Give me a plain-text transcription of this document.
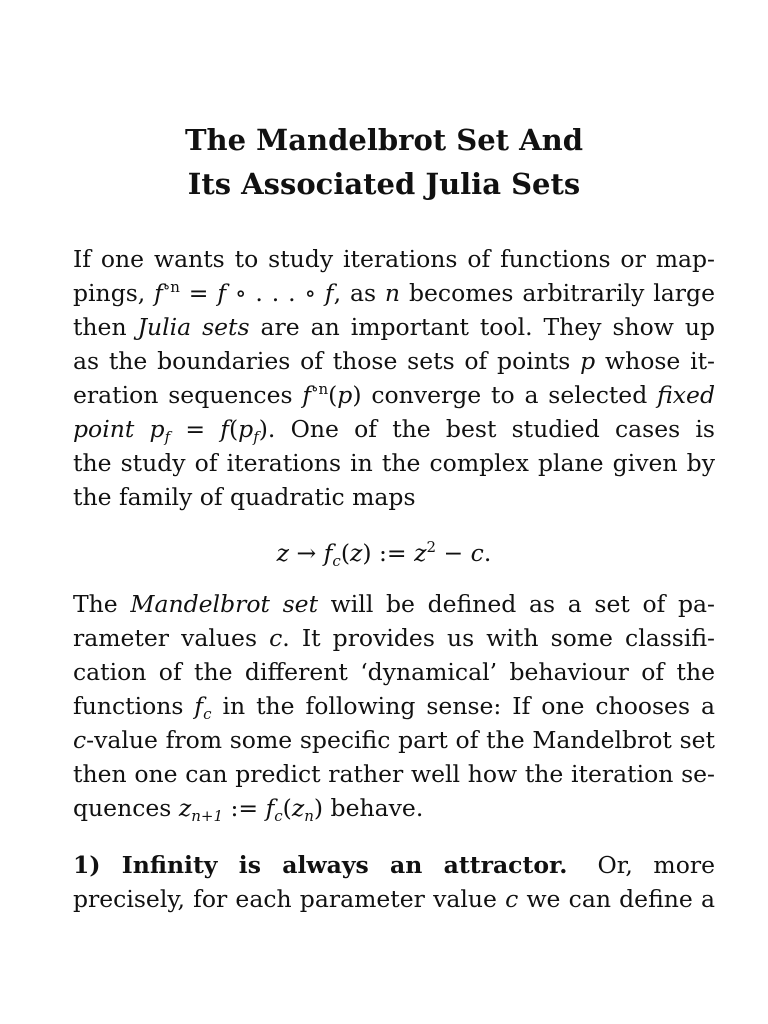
The Mandelbrot Set And
Its Associated Julia Sets
If one wants to study iterations of functions or map-
pings, $f^{\circ n} = f$ ∘ . . . ∘ f, as n becomes arbitrarily large
then Julia sets are an important tool. They show up
as the boundaries of those sets of points p whose it-
eration sequences $f^{\circ n}(p)$ converge to a selected fixed
point $p_f = f(p_f)$. One of the best studied cases is
the study of iterations in the complex plane given by
the family of quadratic maps
$z \to f_c(z)$ := $z^2 - c$.
The Mandelbrot set will be defined as a set of pa-
rameter values c. It provides us with some classifi-
cation of the different ‘dynamical’ behaviour of the
functions $f_c$ in the following sense: If one chooses a
c-value from some specific part of the Mandelbrot set
then one can predict rather well how the iteration se-
quences $z_{n+1}$ := $f_c(z_n)$ behave.
1) Infinity is always an attractor. Or, more
precisely, for each parameter value c we can define a
